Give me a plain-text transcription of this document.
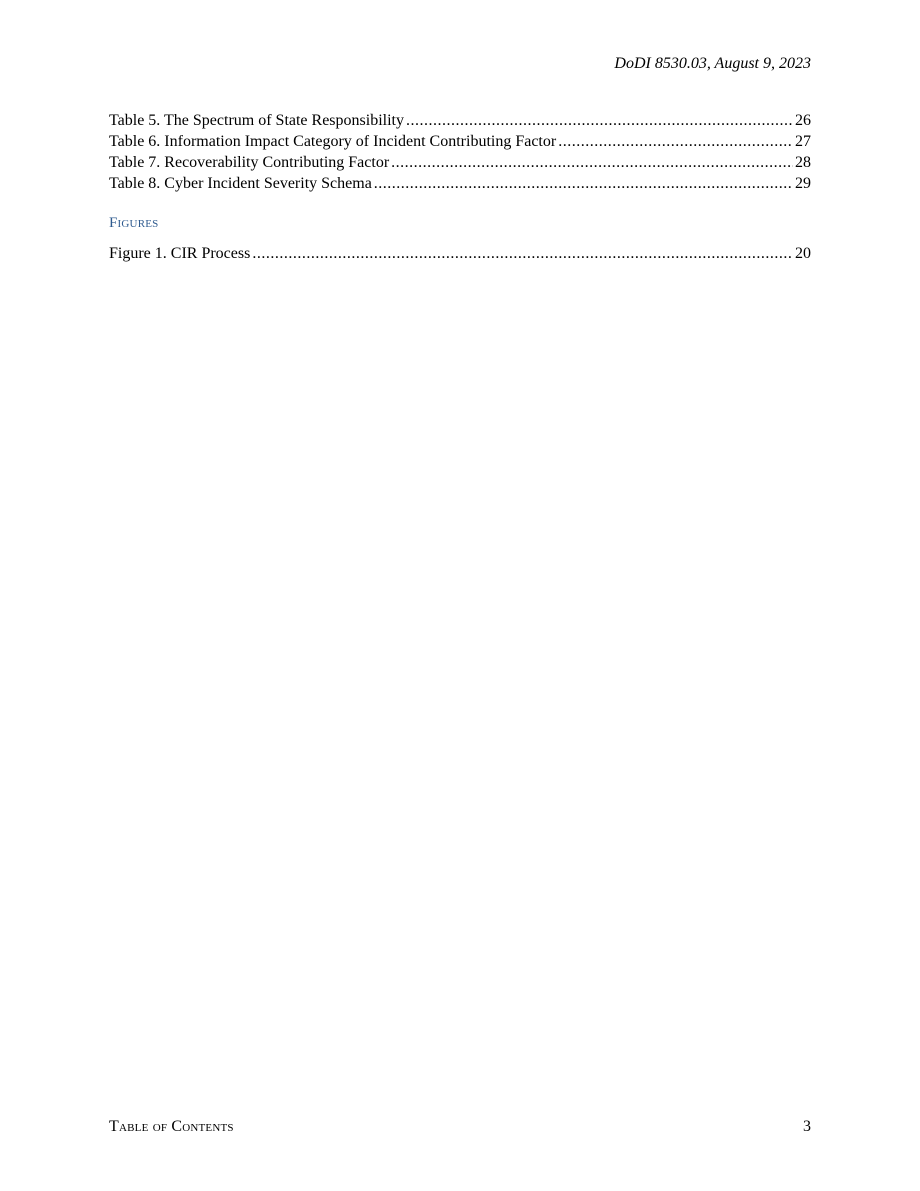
DoDI 8530.03, August 9, 2023
Table 5. The Spectrum of State Responsibility .....	26
Table 6. Information Impact Category of Incident Contributing Factor .....	27
Table 7. Recoverability Contributing Factor .....	28
Table 8. Cyber Incident Severity Schema .....	29
Figures
Figure 1. CIR Process .....	20
Table of Contents	3
